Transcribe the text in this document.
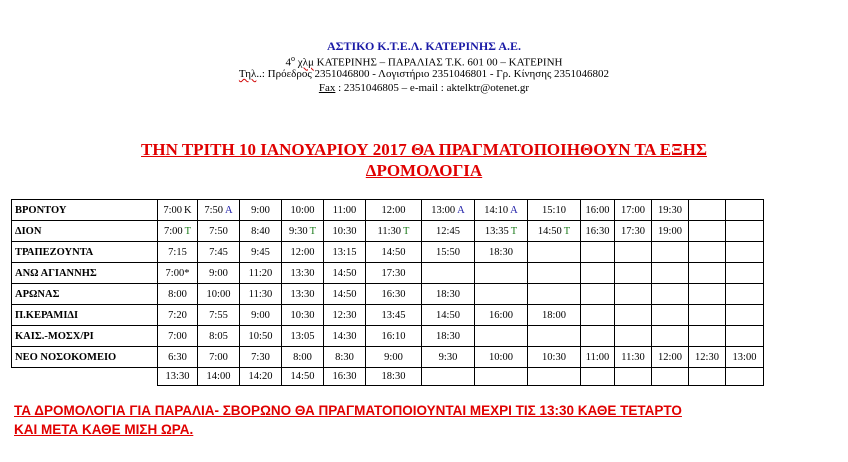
ΑΣΤΙΚΟ Κ.Τ.Ε.Λ. ΚΑΤΕΡΙΝΗΣ Α.Ε.
$4^o$ χλμ ΚΑΤΕΡΙΝΗΣ – ΠΑΡΑΛΙΑΣ Τ.Κ. 601 00 – ΚΑΤΕΡΙΝΗ
Τηλ..: Πρόεδρος 2351046800 - Λογιστήριο 2351046801 - Γρ. Κίνησης 2351046802
Fax : 2351046805 – e-mail : aktelktr@otenet.gr
ΤΗΝ ΤΡΙΤΗ 10 ΙΑΝΟΥΑΡΙΟΥ 2017 ΘΑ ΠΡΑΓΜΑΤΟΠΟΙΗΘΟΥΝ ΤΑ ΕΞΗΣ
ΔΡΟΜΟΛΟΓΙΑ
ΒΡΟΝΤΟΥ	7:00 Κ	7:50 Α	9:00	10:00	11:00	12:00	13:00 Α	14:10 Α	15:10	16:00	17:00	19:30		
ΔΙΟΝ	7:00 Τ	7:50	8:40	9:30 Τ	10:30	11:30 Τ	12:45	13:35 Τ	14:50 Τ	16:30	17:30	19:00		
ΤΡΑΠΕΖΟΥΝΤΑ	7:15	7:45	9:45	12:00	13:15	14:50	15:50	18:30						
ΑΝΩ ΑΓΙΑΝΝΗΣ	7:00*	9:00	11:20	13:30	14:50	17:30								
ΑΡΩΝΑΣ	8:00	10:00	11:30	13:30	14:50	16:30	18:30							
Π.ΚΕΡΑΜΙΔΙ	7:20	7:55	9:00	10:30	12:30	13:45	14:50	16:00	18:00					
ΚΑΙΣ.-ΜΟΣΧ/ΡΙ	7:00	8:05	10:50	13:05	14:30	16:10	18:30							
ΝΕΟ ΝΟΣΟΚΟΜΕΙΟ	6:30	7:00	7:30	8:00	8:30	9:00	9:30	10:00	10:30	11:00	11:30	12:00	12:30	13:00
	13:30	14:00	14:20	14:50	16:30	18:30								
ΤΑ ΔΡΟΜΟΛΟΓΙΑ ΓΙΑ ΠΑΡΑΛΙΑ- ΣΒΟΡΩΝΟ ΘΑ ΠΡΑΓΜΑΤΟΠΟΙΟΥΝΤΑΙ ΜΕΧΡΙ ΤΙΣ 13:30 ΚΑΘΕ ΤΕΤΑΡΤΟ
ΚΑΙ ΜΕΤΑ ΚΑΘΕ ΜΙΣΗ ΩΡΑ.
